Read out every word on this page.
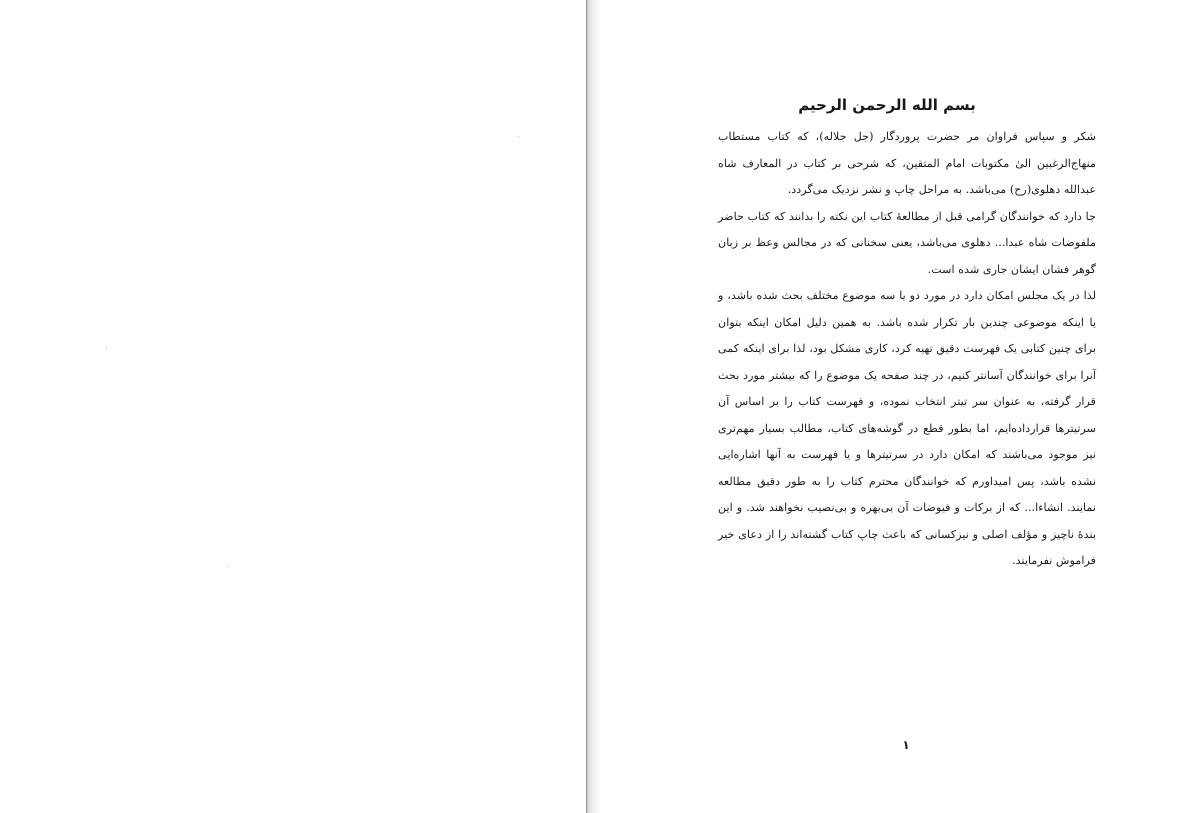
بسم الله الرحمن الرحیم

شکر و سپاس فراوان مر حضرت پروردگار (جل جلاله)، که کتاب مستطاب منهاج‌الرغبین الیٰ مکتوبات امام المتقین، که شرحی بر کتاب در المعارف شاه عبدالله دهلوی(رح) می‌باشد. به مراحل چاپ و نشر نزدیک می‌گردد.

جا دارد که خوانندگان گرامی قبل از مطالعهٔ کتاب این نکته را بدانند که کتاب حاضر ملفوضات شاه عبدا... دهلوی می‌باشد، یعنی سخنانی که در مجالس وعظ بر زبان گوهر فشان ایشان جاری شده است.

لذا در یک مجلس امکان دارد در مورد دو یا سه موضوع مختلف بحث شده باشد، و یا اینکه موضوعی چندین بار تکرار شده باشد. به همین دلیل امکان اینکه بتوان برای چنین کتابی یک فهرست دقیق تهیه کرد، کاری مشکل بود، لذا برای اینکه کمی آنرا برای خوانندگان آسانتر کنیم، در چند صفحه یک موضوع را که بیشتر مورد بحث قرار گرفته، به عنوان سر تیتر انتخاب نموده، و فهرست کتاب را بر اساس آن سرتیترها قرارداده‌ایم، اما بطور قطع در گوشه‌های کتاب، مطالب بسیار مهم‌تری نیز موجود می‌باشند که امکان دارد در سرتیترها و یا فهرست به آنها اشاره‌ایی نشده باشد، پس امیداورم که خوانندگان محترم کتاب را به طور دقیق مطالعه نمایند. انشاءا... که از برکات و فیوضات آن بی‌بهره و بی‌نصیب نخواهند شد. و این بندهٔ ناچیز و مؤلف اصلی و نیزکسانی که باعث چاپ کتاب گشته‌اند را از دعای خیر فراموش نفرمایند.

۱
